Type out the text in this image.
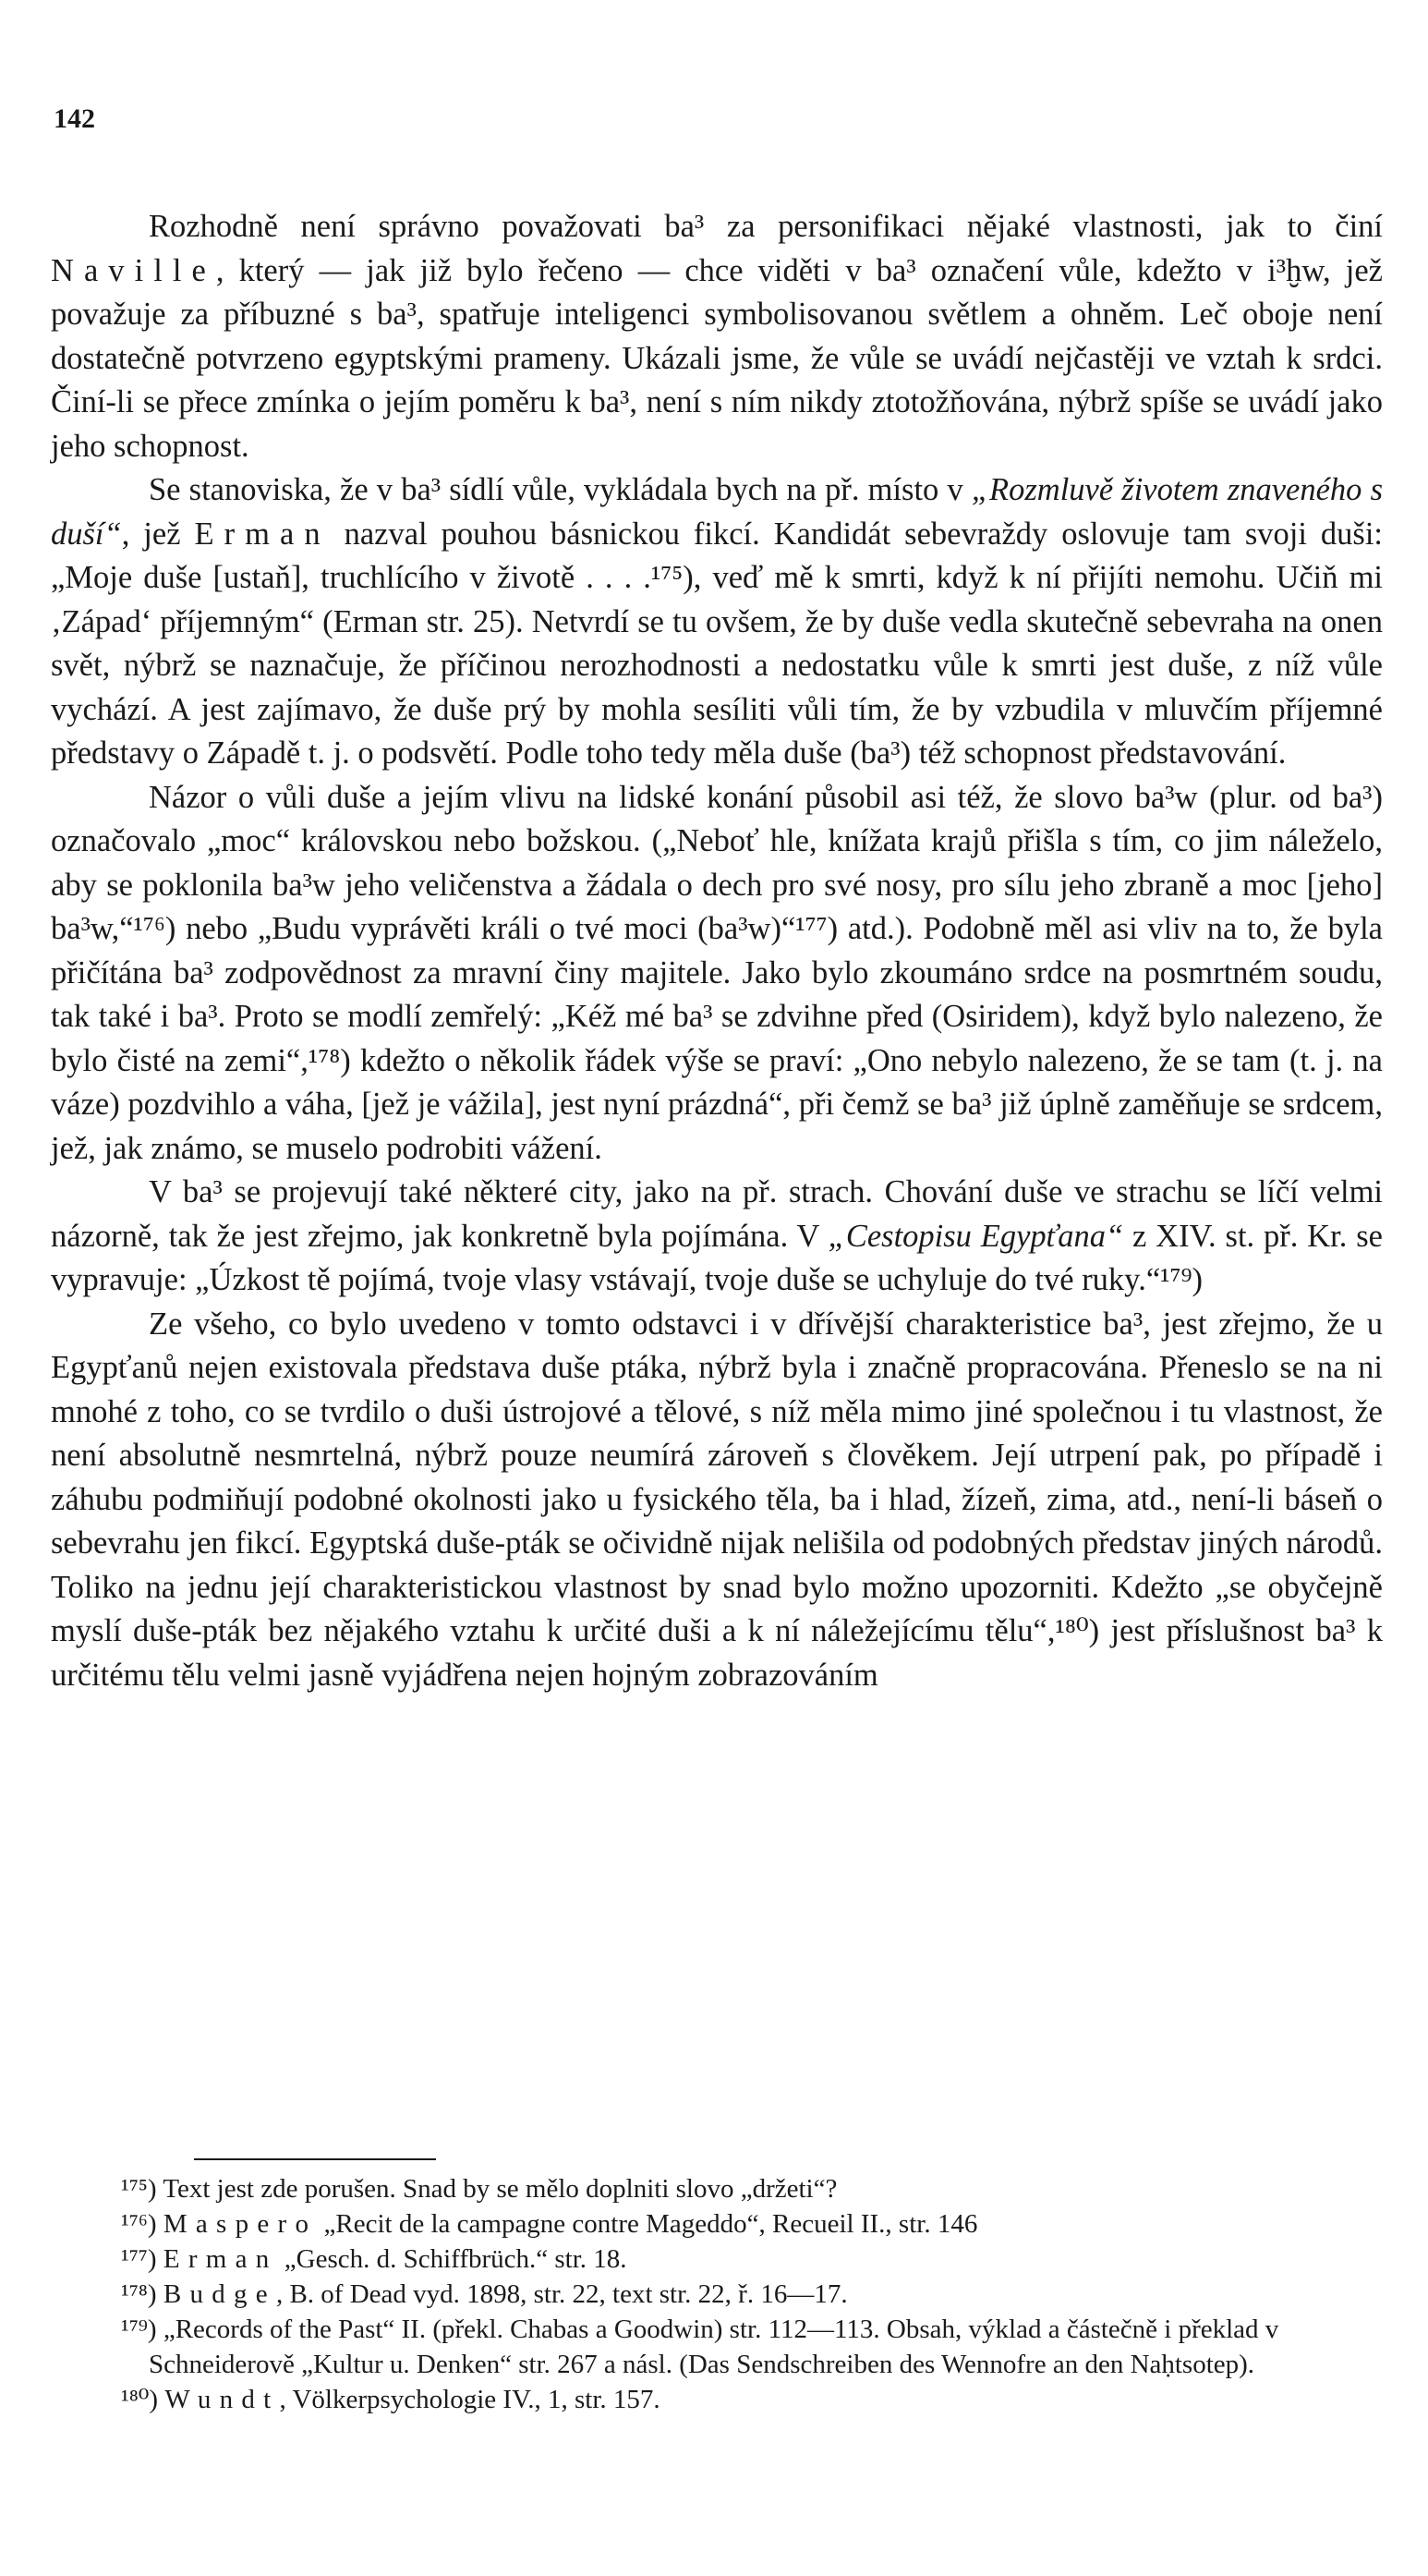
142

Rozhodně není správno považovati ba³ za personifikaci nějaké vlastnosti, jak to činí Naville, který — jak již bylo řečeno — chce viděti v ba³ označení vůle, kdežto v i³ḫw, jež považuje za příbuzné s ba³, spatřuje inteligenci symbolisovanou světlem a ohněm. Leč oboje není dostatečně potvrzeno egyptskými prameny. Ukázali jsme, že vůle se uvádí nejčastěji ve vztah k srdci. Činí-li se přece zmínka o jejím poměru k ba³, není s ním nikdy ztotožňována, nýbrž spíše se uvádí jako jeho schopnost.

Se stanoviska, že v ba³ sídlí vůle, vykládala bych na př. místo v „Rozmluvě životem znaveného s duší“, jež Erman nazval pouhou básnickou fikcí. Kandidát sebevraždy oslovuje tam svoji duši: „Moje duše [ustaň], truchlícího v životě . . . .¹⁷⁵), veď mě k smrti, když k ní přijíti nemohu. Učiň mi ‚Západ‘ příjemným“ (Erman str. 25). Netvrdí se tu ovšem, že by duše vedla skutečně sebevraha na onen svět, nýbrž se naznačuje, že příčinou nerozhodnosti a nedostatku vůle k smrti jest duše, z níž vůle vychází. A jest zajímavo, že duše prý by mohla sesíliti vůli tím, že by vzbudila v mluvčím příjemné představy o Západě t. j. o podsvětí. Podle toho tedy měla duše (ba³) též schopnost představování.

Názor o vůli duše a jejím vlivu na lidské konání působil asi též, že slovo ba³w (plur. od ba³) označovalo „moc“ královskou nebo božskou. („Neboť hle, knížata krajů přišla s tím, co jim náleželo, aby se poklonila ba³w jeho veličenstva a žádala o dech pro své nosy, pro sílu jeho zbraně a moc [jeho] ba³w,“¹⁷⁶) nebo „Budu vyprávěti králi o tvé moci (ba³w)“¹⁷⁷) atd.). Podobně měl asi vliv na to, že byla přičítána ba³ zodpovědnost za mravní činy majitele. Jako bylo zkoumáno srdce na posmrtném soudu, tak také i ba³. Proto se modlí zemřelý: „Kéž mé ba³ se zdvihne před (Osiridem), když bylo nalezeno, že bylo čisté na zemi“,¹⁷⁸) kdežto o několik řádek výše se praví: „Ono nebylo nalezeno, že se tam (t. j. na váze) pozdvihlo a váha, [jež je vážila], jest nyní prázdná“, při čemž se ba³ již úplně zaměňuje se srdcem, jež, jak známo, se muselo podrobiti vážení.

V ba³ se projevují také některé city, jako na př. strach. Chování duše ve strachu se líčí velmi názorně, tak že jest zřejmo, jak konkretně byla pojímána. V „Cestopisu Egypťana“ z XIV. st. př. Kr. se vypravuje: „Úzkost tě pojímá, tvoje vlasy vstávají, tvoje duše se uchyluje do tvé ruky.“¹⁷⁹)

Ze všeho, co bylo uvedeno v tomto odstavci i v dřívější charakteristice ba³, jest zřejmo, že u Egypťanů nejen existovala představa duše ptáka, nýbrž byla i značně propracována. Přeneslo se na ni mnohé z toho, co se tvrdilo o duši ústrojové a tělové, s níž měla mimo jiné společnou i tu vlastnost, že není absolutně nesmrtelná, nýbrž pouze neumírá zároveň s člověkem. Její utrpení pak, po případě i záhubu podmiňují podobné okolnosti jako u fysického těla, ba i hlad, žízeň, zima, atd., není-li báseň o sebevrahu jen fikcí. Egyptská duše-pták se očividně nijak nelišila od podobných představ jiných národů. Toliko na jednu její charakteristickou vlastnost by snad bylo možno upozorniti. Kdežto „se obyčejně myslí duše-pták bez nějakého vztahu k určité duši a k ní náležejícímu tělu“,¹⁸⁰) jest příslušnost ba³ k určitému tělu velmi jasně vyjádřena nejen hojným zobrazováním

¹⁷⁵) Text jest zde porušen. Snad by se mělo doplniti slovo „držeti“?

¹⁷⁶) Maspero „Recit de la campagne contre Mageddo“, Recueil II., str. 146

¹⁷⁷) Erman „Gesch. d. Schiffbrüch.“ str. 18.

¹⁷⁸) Budge, B. of Dead vyd. 1898, str. 22, text str. 22, ř. 16—17.

¹⁷⁹) „Records of the Past“ II. (překl. Chabas a Goodwin) str. 112—113. Obsah, výklad a částečně i překlad v Schneiderově „Kultur u. Denken“ str. 267 a násl. (Das Sendschreiben des Wennofre an den Naḥtsotep).

¹⁸⁰) Wundt, Völkerpsychologie IV., 1, str. 157.
